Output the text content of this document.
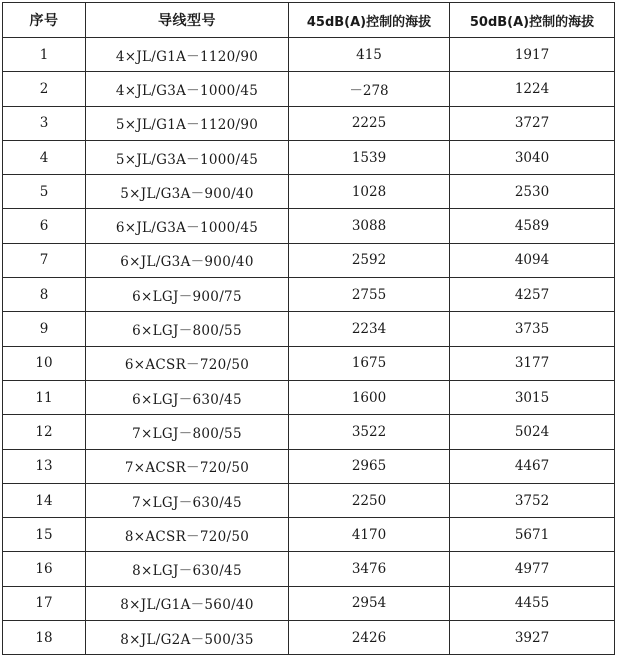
序号	导线型号	45dB(A)控制的海拔	50dB(A)控制的海拔
1	4×JL/G1A－1120/90	415	1917
2	4×JL/G3A－1000/45	－278	1224
3	5×JL/G1A－1120/90	2225	3727
4	5×JL/G3A－1000/45	1539	3040
5	5×JL/G3A－900/40	1028	2530
6	6×JL/G3A－1000/45	3088	4589
7	6×JL/G3A－900/40	2592	4094
8	6×LGJ－900/75	2755	4257
9	6×LGJ－800/55	2234	3735
10	6×ACSR－720/50	1675	3177
11	6×LGJ－630/45	1600	3015
12	7×LGJ－800/55	3522	5024
13	7×ACSR－720/50	2965	4467
14	7×LGJ－630/45	2250	3752
15	8×ACSR－720/50	4170	5671
16	8×LGJ－630/45	3476	4977
17	8×JL/G1A－560/40	2954	4455
18	8×JL/G2A－500/35	2426	3927
